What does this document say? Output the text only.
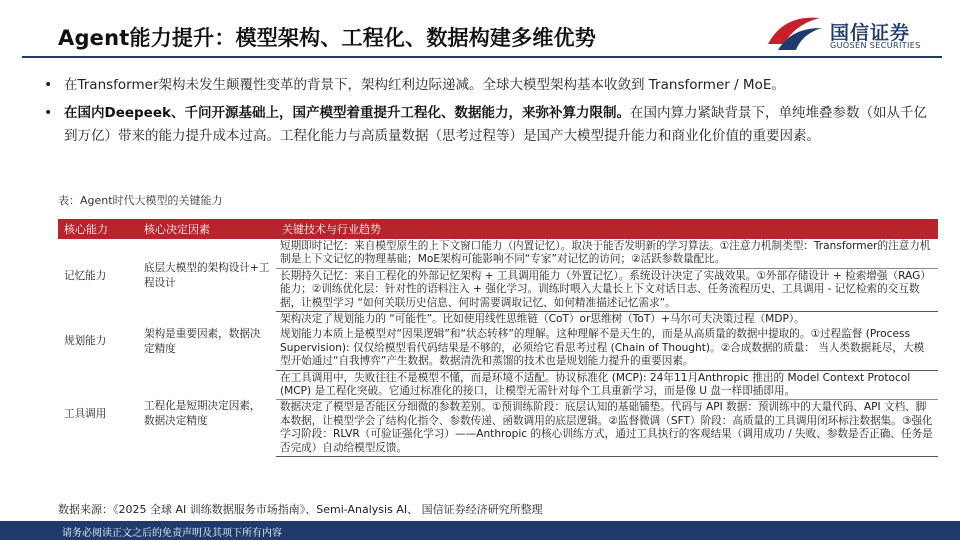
Agent能力提升：模型架构、工程化、数据构建多维优势	国信证券
GUOSEN SECURITIES

• 在Transformer架构未发生颠覆性变革的背景下，架构红利边际递减。全球大模型架构基本收敛到 Transformer / MoE。

• 在国内Deepeek、千问开源基础上，国产模型着重提升工程化、数据能力，来弥补算力限制。在国内算力紧缺背景下，单纯堆叠参数（如从千亿到万亿）带来的能力提升成本过高。工程化能力与高质量数据（思考过程等）是国产大模型提升能力和商业化价值的重要因素。

表：Agent时代大模型的关键能力
核心能力	核心决定因素	关键技术与行业趋势
记忆能力	底层大模型的架构设计+工程设计	短期即时记忆：来自模型原生的上下文窗口能力（内置记忆）。取决于能否发明新的学习算法。①注意力机制类型：Transformer的注意力机制是上下文记忆的物理基础；MoE架构可能影响不同“专家”对记忆的访问；②活跃参数量配比。
		长期持久记忆：来自工程化的外部记忆架构 + 工具调用能力（外置记忆）。系统设计决定了实战效果。①外部存储设计 + 检索增强（RAG）能力；②训练优化层：针对性的语料注入 + 强化学习。训练时喂入大量长上下文对话日志、任务流程历史、工具调用 - 记忆检索的交互数据，让模型学习 “如何关联历史信息、何时需要调取记忆、如何精准描述记忆需求”。
规划能力	架构是重要因素，数据决定精度	架构决定了规划能力的 “可能性”。比如使用线性思维链（CoT）or思维树（ToT）+马尔可夫决策过程（MDP）。
		规划能力本质上是模型对“因果逻辑”和“状态转移”的理解。这种理解不是天生的，而是从高质量的数据中提取的。①过程监督 (Process Supervision): 仅仅给模型看代码结果是不够的，必须给它看思考过程 (Chain of Thought)。②合成数据的质量： 当人类数据耗尽，大模型开始通过“自我博弈”产生数据。数据清洗和蒸馏的技术也是规划能力提升的重要因素。
工具调用	工程化是短期决定因素，数据决定精度	在工具调用中，失败往往不是模型不懂，而是环境不适配。协议标准化 (MCP): 24年11月Anthropic 推出的 Model Context Protocol (MCP) 是工程化突破。它通过标准化的接口，让模型无需针对每个工具重新学习，而是像 U 盘一样即插即用。
		数据决定了模型是否能区分细微的参数差别。①预训练阶段：底层认知的基础铺垫。代码与 API 数据：预训练中的大量代码、API 文档、脚本数据，让模型学会了结构化指令、参数传递、函数调用的底层逻辑。②监督微调（SFT）阶段：高质量的工具调用闭环标注数据集。③强化学习阶段：RLVR（可验证强化学习）——Anthropic 的核心训练方式，通过工具执行的客观结果（调用成功 / 失败、参数是否正确、任务是否完成）自动给模型反馈。
数据来源：《2025 全球 AI 训练数据服务市场指南》、Semi-Analysis AI、 国信证券经济研究所整理
请务必阅读正文之后的免责声明及其项下所有内容
